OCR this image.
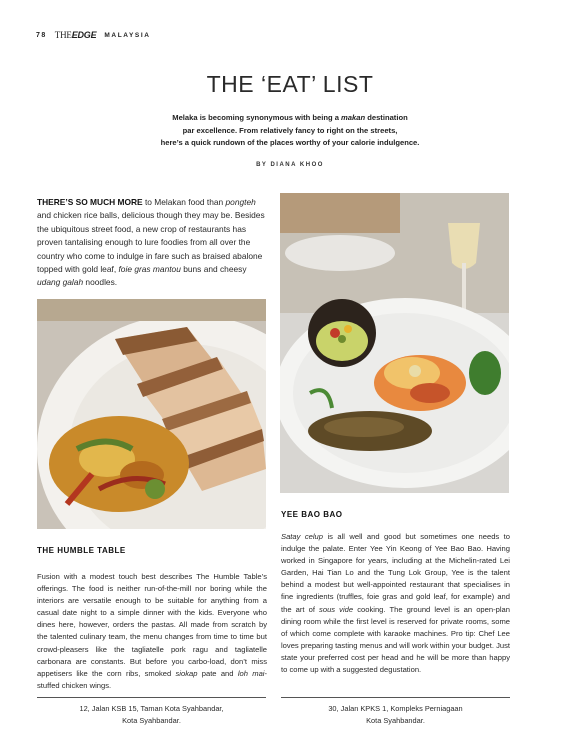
78 THEEDGE MALAYSIA
THE ‘EAT’ LIST

Melaka is becoming synonymous with being a makan destination
par excellence. From relatively fancy to right on the streets,
here’s a quick rundown of the places worthy of your calorie indulgence.

BY DIANA KHOO

THERE’S SO MUCH MORE to Melakan food than pongteh and chicken rice balls, delicious though they may be. Besides the ubiquitous street food, a new crop of restaurants has proven tantalising enough to lure foodies from all over the country who come to indulge in fare such as braised abalone topped with gold leaf, foie gras mantou buns and cheesy udang galah noodles.

THE HUMBLE TABLE

Fusion with a modest touch best describes The Humble Table’s offerings. The food is neither run-of-the-mill nor boring while the interiors are versatile enough to be suitable for anything from a casual date night to a simple dinner with the kids. Everyone who dines here, however, orders the pastas. All made from scratch by the talented culinary team, the menu changes from time to time but crowd-pleasers like the tagliatelle pork ragu and tagliatelle carbonara are constants. But before you carbo-load, don’t miss appetisers like the corn ribs, smoked siokap pate and loh mai-stuffed chicken wings.

12, Jalan KSB 15, Taman Kota Syahbandar,
Kota Syahbandar.
YEE BAO BAO

Satay celup is all well and good but sometimes one needs to indulge the palate. Enter Yee Yin Keong of Yee Bao Bao. Having worked in Singapore for years, including at the Michelin-rated Lei Garden, Hai Tian Lo and the Tung Lok Group, Yee is the talent behind a modest but well-appointed restaurant that specialises in fine ingredients (truffles, foie gras and gold leaf, for example) and the art of sous vide cooking. The ground level is an open-plan dining room while the first level is reserved for private rooms, some of which come complete with karaoke machines. Pro tip: Chef Lee loves preparing tasting menus and will work within your budget. Just state your preferred cost per head and he will be more than happy to come up with a suggested degustation.

30, Jalan KPKS 1, Kompleks Perniagaan
Kota Syahbandar.
